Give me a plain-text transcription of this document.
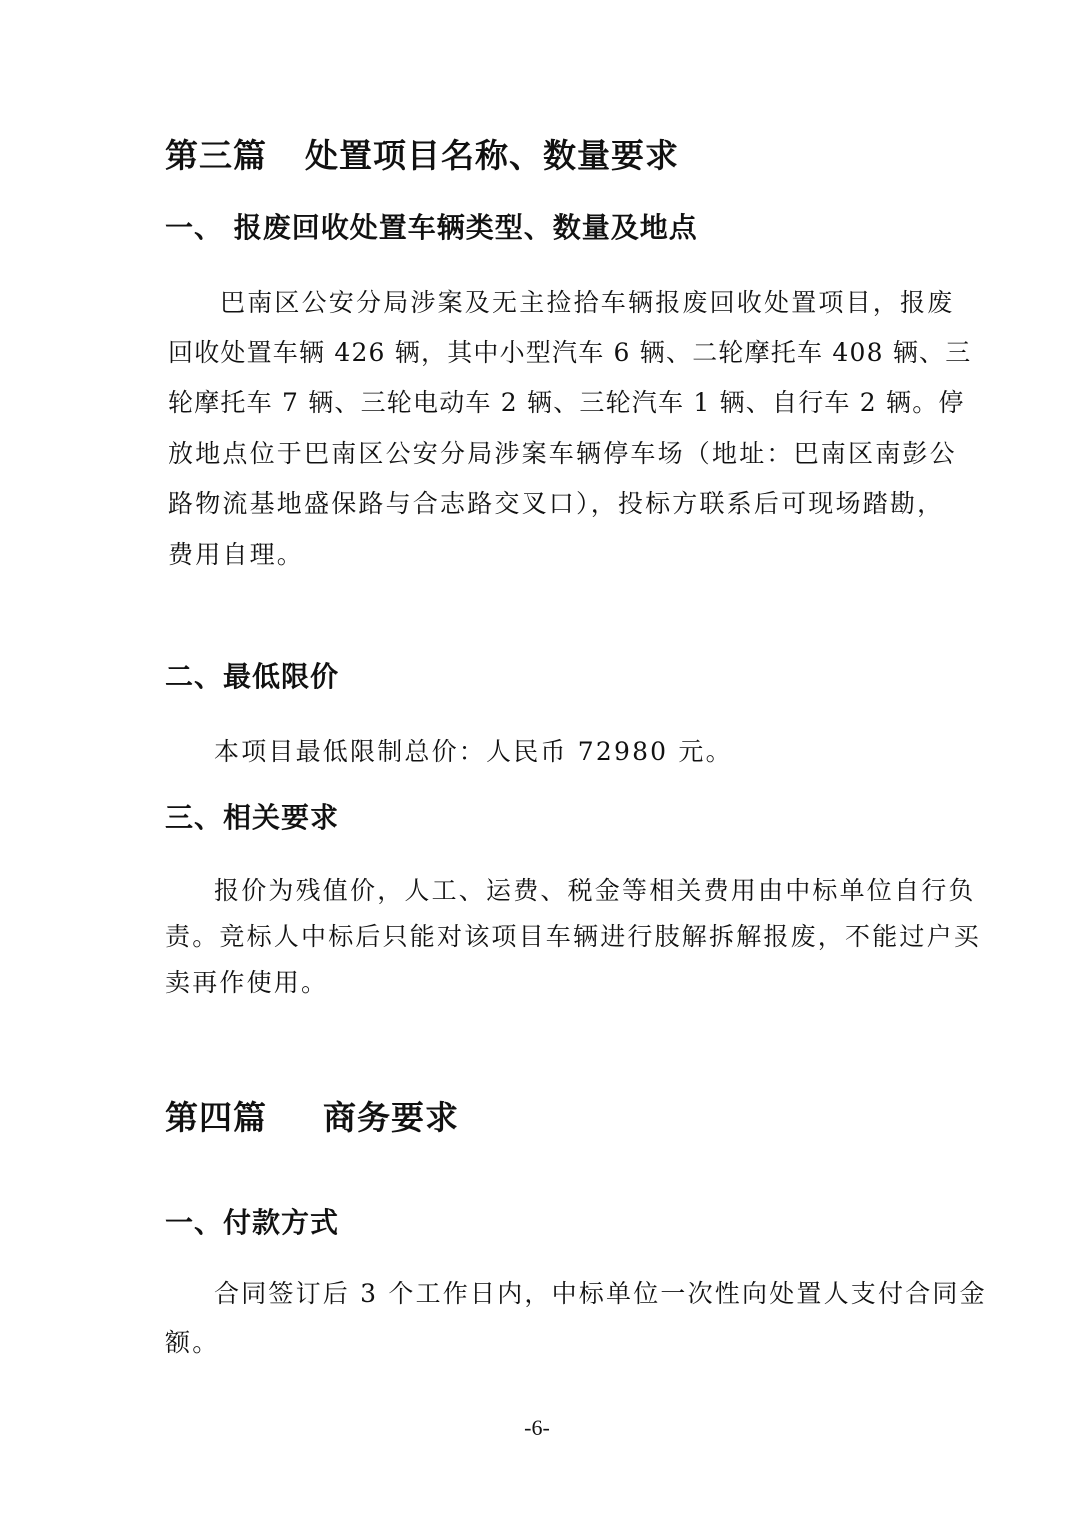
第三篇 处置项目名称、数量要求
一、 报废回收处置车辆类型、数量及地点
巴南区公安分局涉案及无主捡拾车辆报废回收处置项目，报废
回收处置车辆 426 辆，其中小型汽车 6 辆、二轮摩托车 408 辆、三
轮摩托车 7 辆、三轮电动车 2 辆、三轮汽车 1 辆、自行车 2 辆。停
放地点位于巴南区公安分局涉案车辆停车场（地址：巴南区南彭公
路物流基地盛保路与合志路交叉口），投标方联系后可现场踏勘，
费用自理。
二、最低限价
本项目最低限制总价：人民币 72980 元。
三、相关要求
报价为残值价，人工、运费、税金等相关费用由中标单位自行负
责。竞标人中标后只能对该项目车辆进行肢解拆解报废，不能过户买
卖再作使用。
第四篇 商务要求
一、付款方式
合同签订后 3 个工作日内，中标单位一次性向处置人支付合同金
额。
-6-
